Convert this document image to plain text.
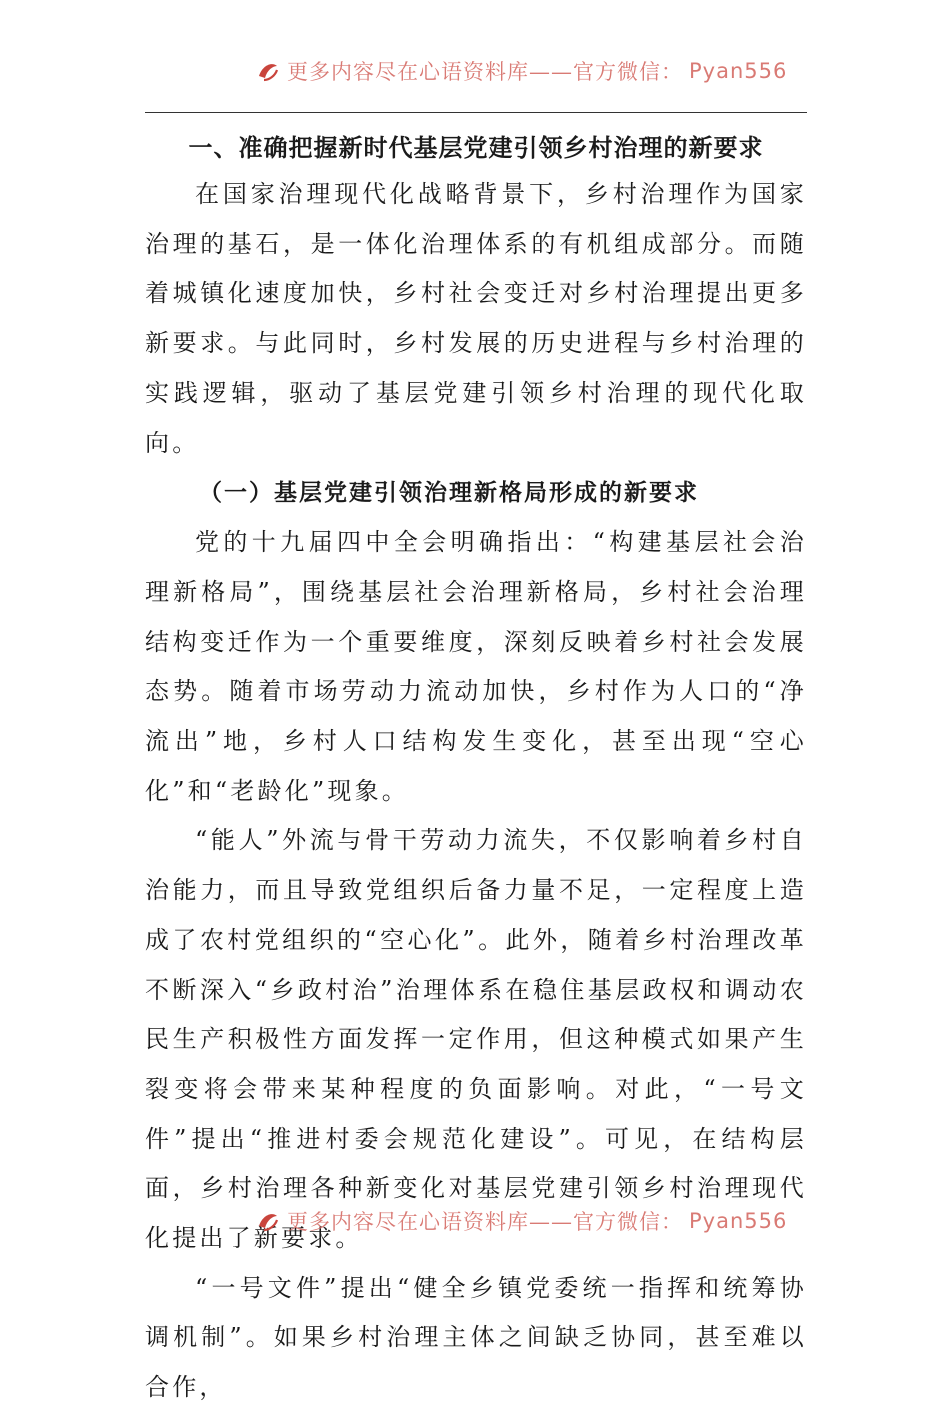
更多内容尽在心语资料库——官方微信： Pyan556
一、准确把握新时代基层党建引领乡村治理的新要求

在国家治理现代化战略背景下，乡村治理作为国家治理的基石，是一体化治理体系的有机组成部分。而随着城镇化速度加快，乡村社会变迁对乡村治理提出更多新要求。与此同时，乡村发展的历史进程与乡村治理的实践逻辑，驱动了基层党建引领乡村治理的现代化取向。

（一）基层党建引领治理新格局形成的新要求

党的十九届四中全会明确指出：“构建基层社会治理新格局”，围绕基层社会治理新格局，乡村社会治理结构变迁作为一个重要维度，深刻反映着乡村社会发展态势。随着市场劳动力流动加快，乡村作为人口的“净流出”地，乡村人口结构发生变化，甚至出现“空心化”和“老龄化”现象。

“能人”外流与骨干劳动力流失，不仅影响着乡村自治能力，而且导致党组织后备力量不足，一定程度上造成了农村党组织的“空心化”。此外，随着乡村治理改革不断深入“乡政村治”治理体系在稳住基层政权和调动农民生产积极性方面发挥一定作用，但这种模式如果产生裂变将会带来某种程度的负面影响。对此，“一号文件”提出“推进村委会规范化建设”。可见，在结构层面，乡村治理各种新变化对基层党建引领乡村治理现代化提出了新要求。

“一号文件”提出“健全乡镇党委统一指挥和统筹协调机制”。如果乡村治理主体之间缺乏协同，甚至难以合作，

更多内容尽在心语资料库——官方微信： Pyan556
